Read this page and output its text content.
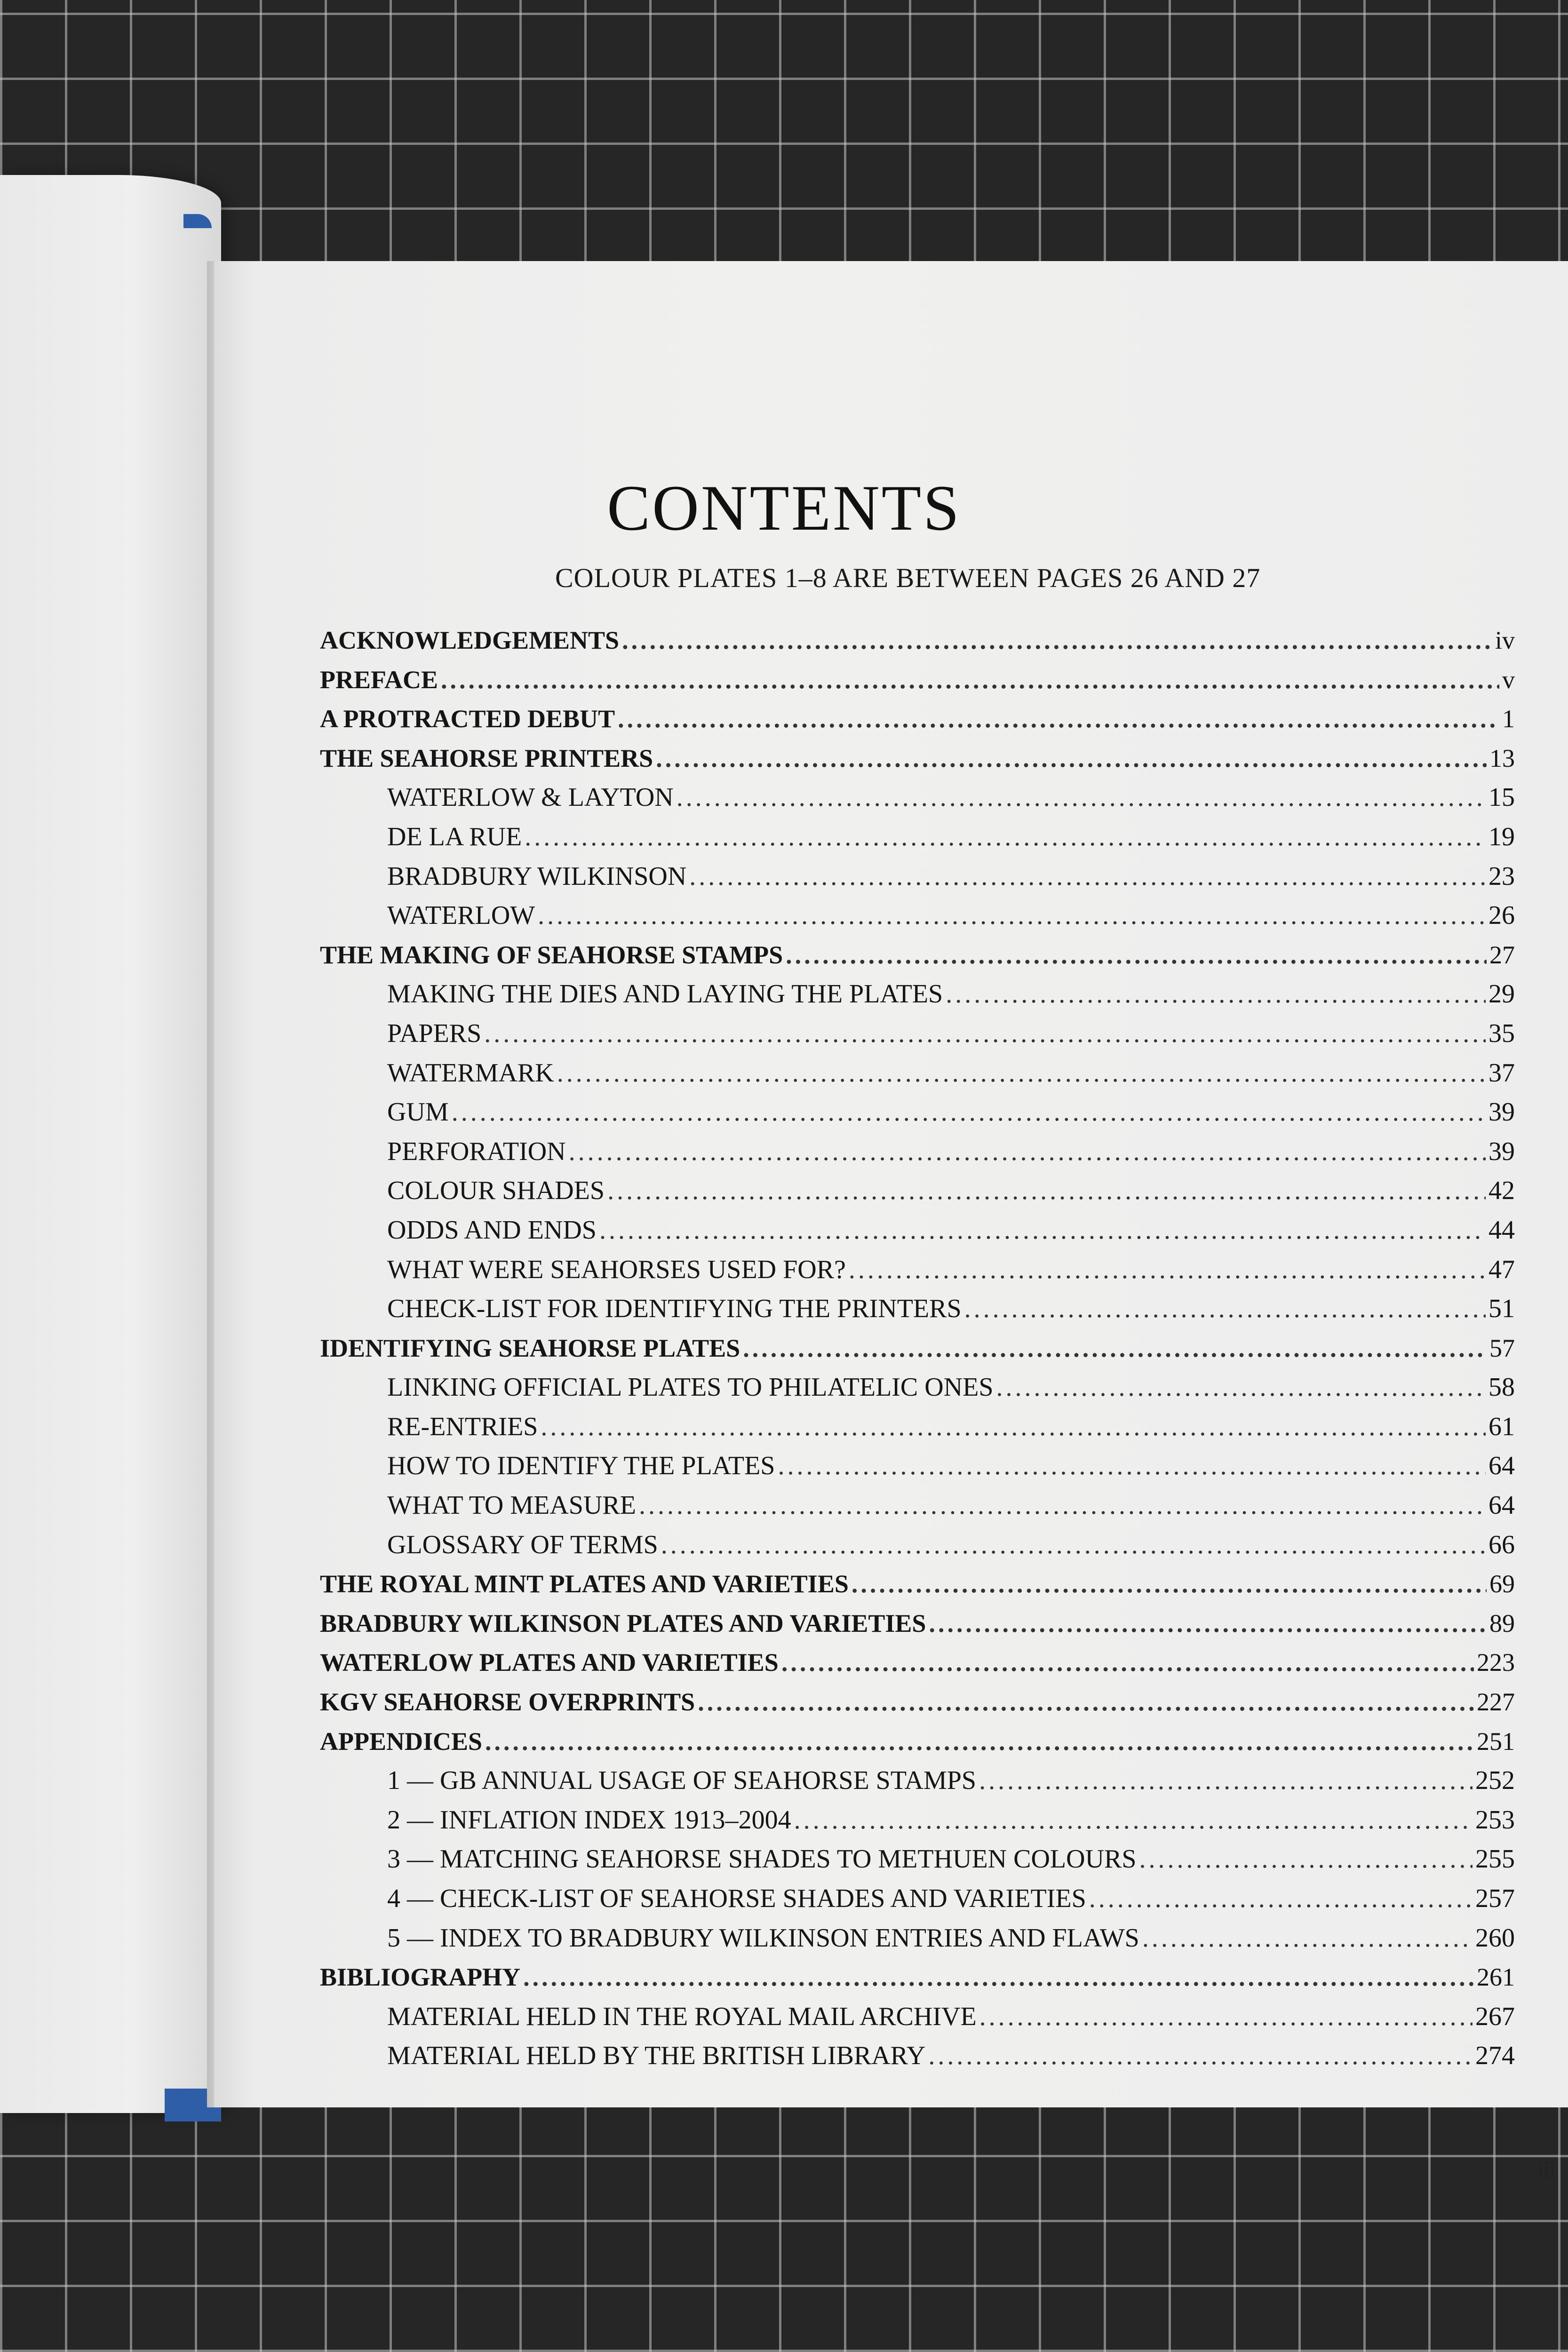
CONTENTS
COLOUR PLATES 1–8 ARE BETWEEN PAGES 26 AND 27
ACKNOWLEDGEMENTS .....	iv
PREFACE .....	v
A PROTRACTED DEBUT .....	1
THE SEAHORSE PRINTERS .....	13
WATERLOW & LAYTON .....	15
DE LA RUE .....	19
BRADBURY WILKINSON .....	23
WATERLOW .....	26
THE MAKING OF SEAHORSE STAMPS .....	27
MAKING THE DIES AND LAYING THE PLATES .....	29
PAPERS .....	35
WATERMARK .....	37
GUM .....	39
PERFORATION .....	39
COLOUR SHADES .....	42
ODDS AND ENDS .....	44
WHAT WERE SEAHORSES USED FOR? .....	47
CHECK-LIST FOR IDENTIFYING THE PRINTERS .....	51
IDENTIFYING SEAHORSE PLATES .....	57
LINKING OFFICIAL PLATES TO PHILATELIC ONES .....	58
RE-ENTRIES .....	61
HOW TO IDENTIFY THE PLATES .....	64
WHAT TO MEASURE .....	64
GLOSSARY OF TERMS .....	66
THE ROYAL MINT PLATES AND VARIETIES .....	69
BRADBURY WILKINSON PLATES AND VARIETIES .....	89
WATERLOW PLATES AND VARIETIES .....	223
KGV SEAHORSE OVERPRINTS .....	227
APPENDICES .....	251
1 — GB ANNUAL USAGE OF SEAHORSE STAMPS .....	252
2 — INFLATION INDEX 1913–2004 .....	253
3 — MATCHING SEAHORSE SHADES TO METHUEN COLOURS .....	255
4 — CHECK-LIST OF SEAHORSE SHADES AND VARIETIES .....	257
5 — INDEX TO BRADBURY WILKINSON ENTRIES AND FLAWS .....	260
BIBLIOGRAPHY .....	261
MATERIAL HELD IN THE ROYAL MAIL ARCHIVE .....	267
MATERIAL HELD BY THE BRITISH LIBRARY .....	274
iii
